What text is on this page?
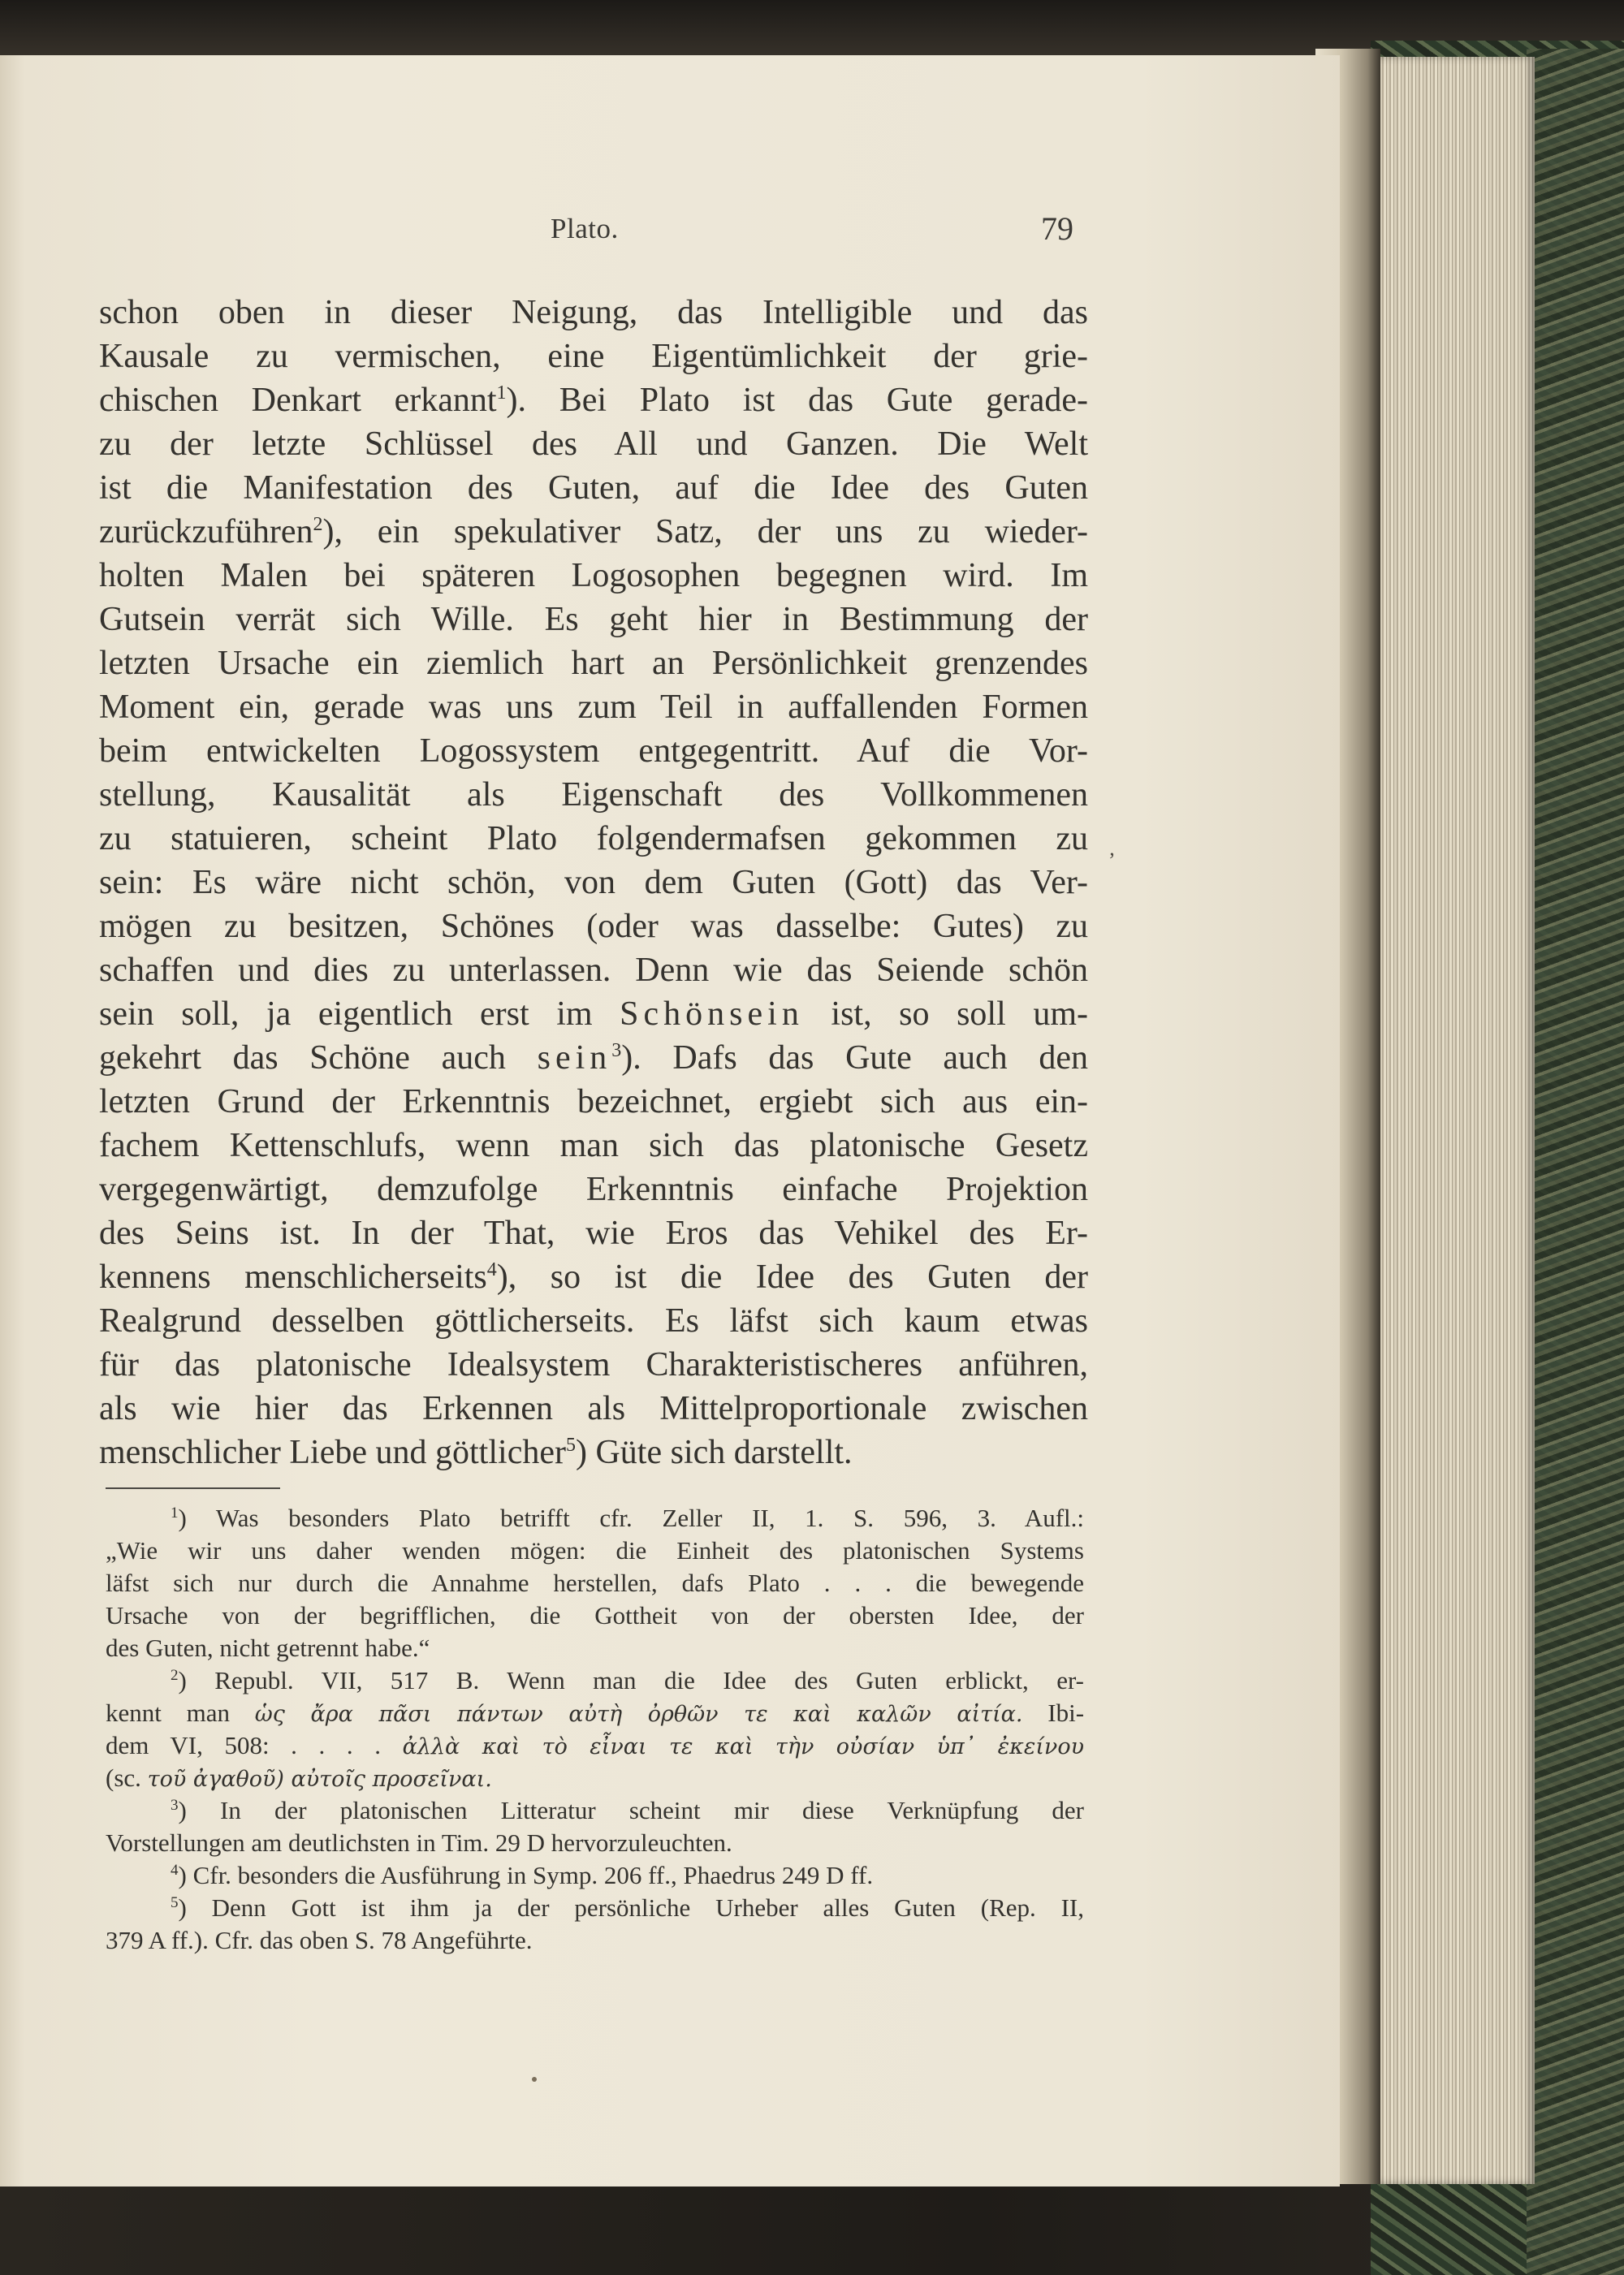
Plato.	79
schon oben in dieser Neigung, das Intelligible und das
Kausale zu vermischen, eine Eigentümlichkeit der grie-
chischen Denkart erkannt$^1$). Bei Plato ist das Gute gerade-
zu der letzte Schlüssel des All und Ganzen. Die Welt
ist die Manifestation des Guten, auf die Idee des Guten
zurückzuführen$^2$), ein spekulativer Satz, der uns zu wieder-
holten Malen bei späteren Logosophen begegnen wird. Im
Gutsein verrät sich Wille. Es geht hier in Bestimmung der
letzten Ursache ein ziemlich hart an Persönlichkeit grenzendes
Moment ein, gerade was uns zum Teil in auffallenden Formen
beim entwickelten Logossystem entgegentritt. Auf die Vor-
stellung, Kausalität als Eigenschaft des Vollkommenen
zu statuieren, scheint Plato folgendermafsen gekommen zu
sein: Es wäre nicht schön, von dem Guten (Gott) das Ver-
mögen zu besitzen, Schönes (oder was dasselbe: Gutes) zu
schaffen und dies zu unterlassen. Denn wie das Seiende schön
sein soll, ja eigentlich erst im Schönsein ist, so soll um-
gekehrt das Schöne auch sein$^3$). Dafs das Gute auch den
letzten Grund der Erkenntnis bezeichnet, ergiebt sich aus ein-
fachem Kettenschlufs, wenn man sich das platonische Gesetz
vergegenwärtigt, demzufolge Erkenntnis einfache Projektion
des Seins ist. In der That, wie Eros das Vehikel des Er-
kennens menschlicherseits$^4$), so ist die Idee des Guten der
Realgrund desselben göttlicherseits. Es läfst sich kaum etwas
für das platonische Idealsystem Charakteristischeres anführen,
als wie hier das Erkennen als Mittelproportionale zwischen
menschlicher Liebe und göttlicher$^5$) Güte sich darstellt.
‚
$^1$) Was besonders Plato betrifft cfr. Zeller II, 1. S. 596, 3. Aufl.:
„Wie wir uns daher wenden mögen: die Einheit des platonischen Systems
läfst sich nur durch die Annahme herstellen, dafs Plato . . . die bewegende
Ursache von der begrifflichen, die Gottheit von der obersten Idee, der
des Guten, nicht getrennt habe.“
$^2$) Republ. VII, 517 B. Wenn man die Idee des Guten erblickt, er-
kennt man ὡς ἄρα πᾶσι πάντων αὐτὴ ὀρθῶν τε καὶ καλῶν αἰτία. Ibi-
dem VI, 508: . . . . ἀλλὰ καὶ τὸ εἶναι τε καὶ τὴν οὐσίαν ὑπ᾽ ἐκείνου
(sc. τοῦ ἀγαθοῦ) αὐτοῖς προσεῖναι.
$^3$) In der platonischen Litteratur scheint mir diese Verknüpfung der
Vorstellungen am deutlichsten in Tim. 29 D hervorzuleuchten.
$^4$) Cfr. besonders die Ausführung in Symp. 206 ff., Phaedrus 249 D ff.
$^5$) Denn Gott ist ihm ja der persönliche Urheber alles Guten (Rep. II,
379 A ff.). Cfr. das oben S. 78 Angeführte.
